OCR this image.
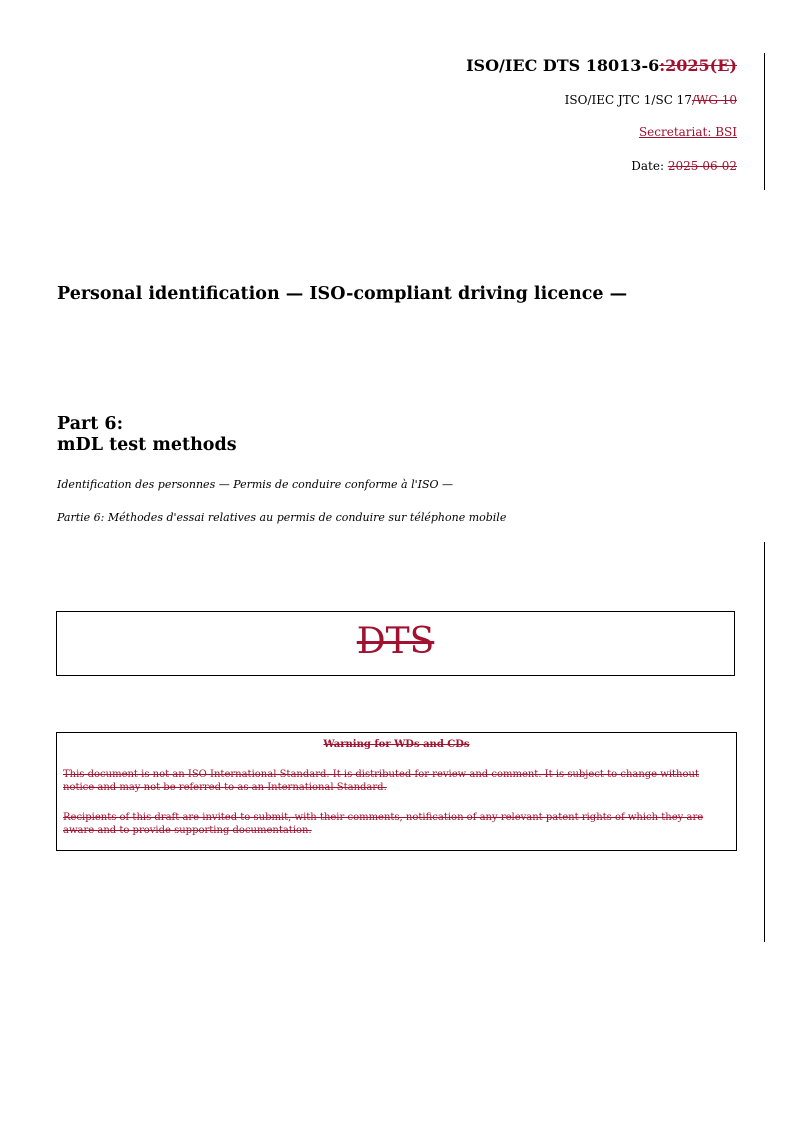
ISO/IEC DTS 18013-6:2025(E)
ISO/IEC JTC 1/SC 17/WG 10
Secretariat: BSI
Date: 2025-06-02
Personal identification — ISO-compliant driving licence —
Part 6:
mDL test methods
Identification des personnes — Permis de conduire conforme à l'ISO —
Partie 6: Méthodes d'essai relatives au permis de conduire sur téléphone mobile
DTS
Warning for WDs and CDs

This document is not an ISO International Standard. It is distributed for review and comment. It is subject to change without notice and may not be referred to as an International Standard.

Recipients of this draft are invited to submit, with their comments, notification of any relevant patent rights of which they are aware and to provide supporting documentation.
